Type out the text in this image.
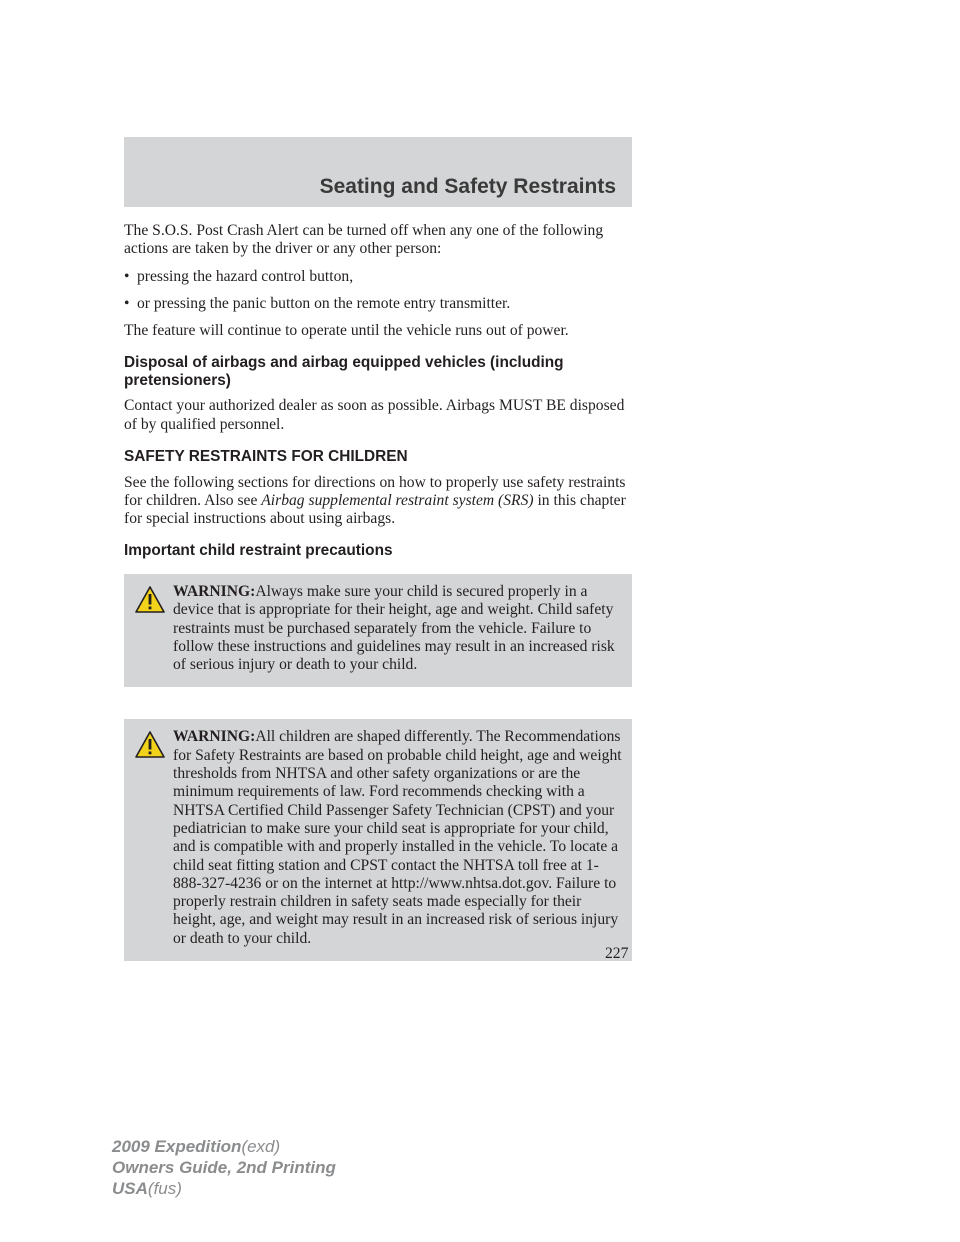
Seating and Safety Restraints

The S.O.S. Post Crash Alert can be turned off when any one of the following actions are taken by the driver or any other person:

• pressing the hazard control button,
• or pressing the panic button on the remote entry transmitter.

The feature will continue to operate until the vehicle runs out of power.

Disposal of airbags and airbag equipped vehicles (including pretensioners)

Contact your authorized dealer as soon as possible. Airbags MUST BE disposed of by qualified personnel.

SAFETY RESTRAINTS FOR CHILDREN

See the following sections for directions on how to properly use safety restraints for children. Also see Airbag supplemental restraint system (SRS) in this chapter for special instructions about using airbags.

Important child restraint precautions
WARNING:Always make sure your child is secured properly in a device that is appropriate for their height, age and weight. Child safety restraints must be purchased separately from the vehicle. Failure to follow these instructions and guidelines may result in an increased risk of serious injury or death to your child.
WARNING:All children are shaped differently. The Recommendations for Safety Restraints are based on probable child height, age and weight thresholds from NHTSA and other safety organizations or are the minimum requirements of law. Ford recommends checking with a NHTSA Certified Child Passenger Safety Technician (CPST) and your pediatrician to make sure your child seat is appropriate for your child, and is compatible with and properly installed in the vehicle. To locate a child seat fitting station and CPST contact the NHTSA toll free at 1-888-327-4236 or on the internet at http://www.nhtsa.dot.gov. Failure to properly restrain children in safety seats made especially for their height, age, and weight may result in an increased risk of serious injury or death to your child.
227
2009 Expedition(exd)
Owners Guide, 2nd Printing
USA(fus)
